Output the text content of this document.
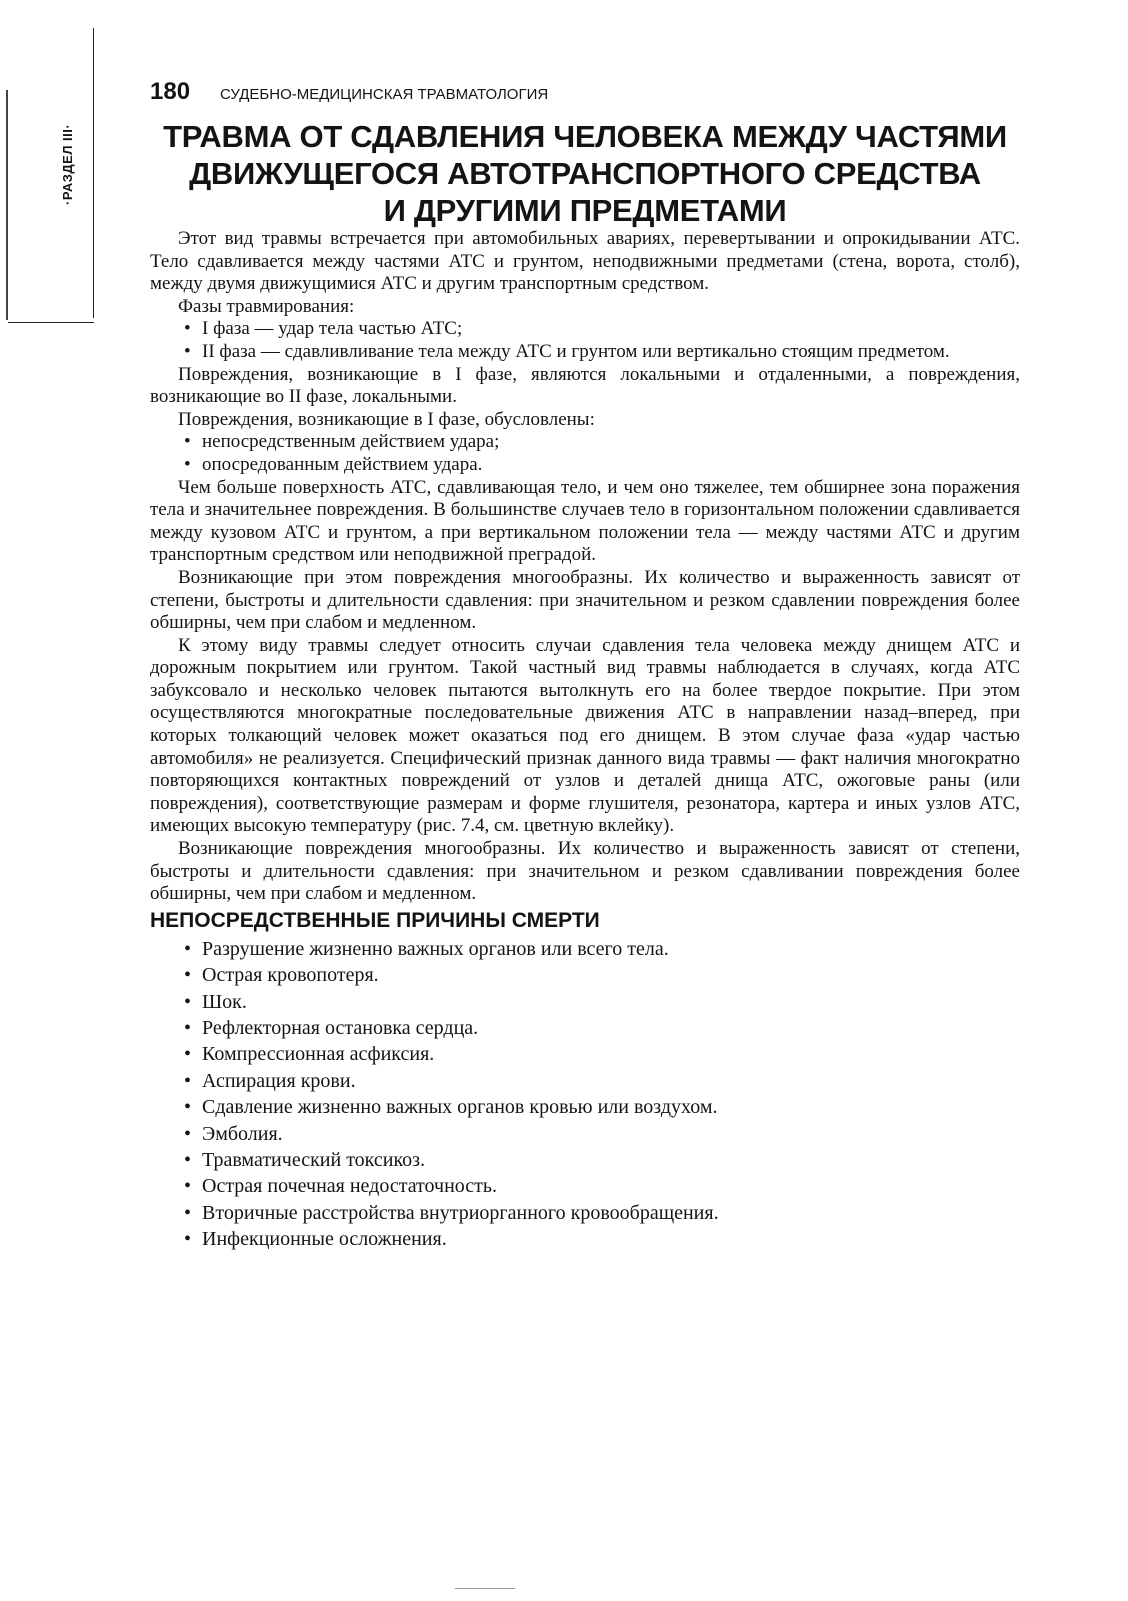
·РАЗДЕЛ III·
180 СУДЕБНО-МЕДИЦИНСКАЯ ТРАВМАТОЛОГИЯ
ТРАВМА ОТ СДАВЛЕНИЯ ЧЕЛОВЕКА МЕЖДУ ЧАСТЯМИ
ДВИЖУЩЕГОСЯ АВТОТРАНСПОРТНОГО СРЕДСТВА
И ДРУГИМИ ПРЕДМЕТАМИ

Этот вид травмы встречается при автомобильных авариях, перевертывании и опрокидывании АТС. Тело сдавливается между частями АТС и грунтом, неподвижными предметами (стена, ворота, столб), между двумя движущимися АТС и другим транспортным средством.

Фазы травмирования:

• I фаза — удар тела частью АТС;
• II фаза — сдавливливание тела между АТС и грунтом или вертикально стоящим предметом.

Повреждения, возникающие в I фазе, являются локальными и отдаленными, а повреждения, возникающие во II фазе, локальными.

Повреждения, возникающие в I фазе, обусловлены:

• непосредственным действием удара;
• опосредованным действием удара.

Чем больше поверхность АТС, сдавливающая тело, и чем оно тяжелее, тем обширнее зона поражения тела и значительнее повреждения. В большинстве случаев тело в горизонтальном положении сдавливается между кузовом АТС и грунтом, а при вертикальном положении тела — между частями АТС и другим транспортным средством или неподвижной преградой.

Возникающие при этом повреждения многообразны. Их количество и выраженность зависят от степени, быстроты и длительности сдавления: при значительном и резком сдавлении повреждения более обширны, чем при слабом и медленном.

К этому виду травмы следует относить случаи сдавления тела человека между днищем АТС и дорожным покрытием или грунтом. Такой частный вид травмы наблюдается в случаях, когда АТС забуксовало и несколько человек пытаются вытолкнуть его на более твердое покрытие. При этом осуществляются многократные последовательные движения АТС в направлении назад–вперед, при которых толкающий человек может оказаться под его днищем. В этом случае фаза «удар частью автомобиля» не реализуется. Специфический признак данного вида травмы — факт наличия многократно повторяющихся контактных повреждений от узлов и деталей днища АТС, ожоговые раны (или повреждения), соответствующие размерам и форме глушителя, резонатора, картера и иных узлов АТС, имеющих высокую температуру (рис. 7.4, см. цветную вклейку).

Возникающие повреждения многообразны. Их количество и выраженность зависят от степени, быстроты и длительности сдавления: при значительном и резком сдавливании повреждения более обширны, чем при слабом и медленном.

НЕПОСРЕДСТВЕННЫЕ ПРИЧИНЫ СМЕРТИ
• Разрушение жизненно важных органов или всего тела.
• Острая кровопотеря.
• Шок.
• Рефлекторная остановка сердца.
• Компрессионная асфиксия.
• Аспирация крови.
• Сдавление жизненно важных органов кровью или воздухом.
• Эмболия.
• Травматический токсикоз.
• Острая почечная недостаточность.
• Вторичные расстройства внутриорганного кровообращения.
• Инфекционные осложнения.
